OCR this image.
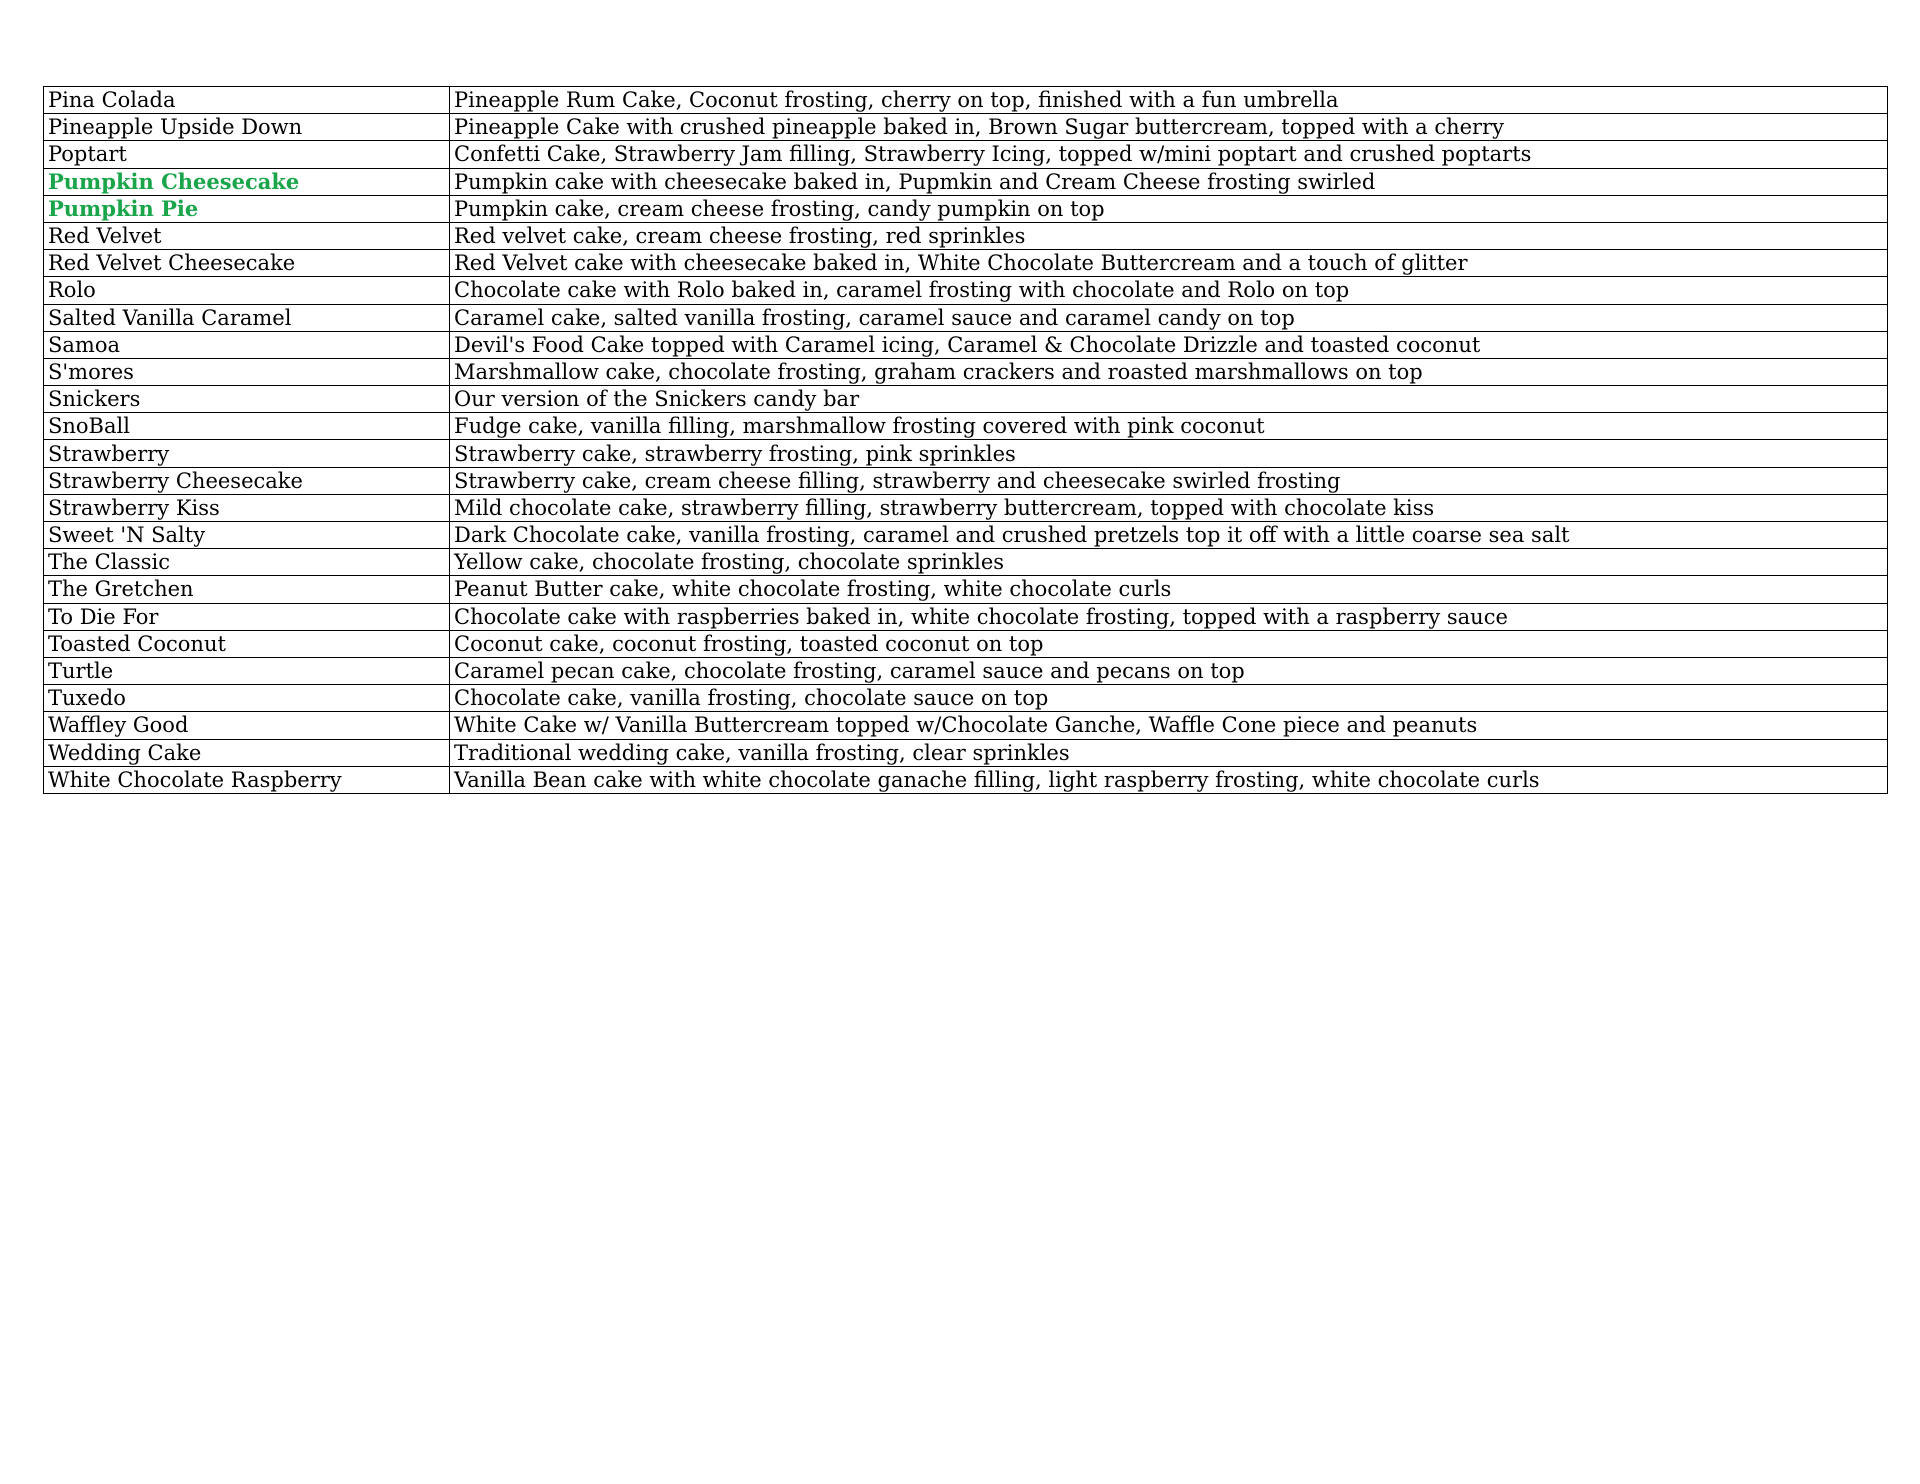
Pina Colada	Pineapple Rum Cake, Coconut frosting, cherry on top, finished with a fun umbrella
Pineapple Upside Down	Pineapple Cake with crushed pineapple baked in, Brown Sugar buttercream, topped with a cherry
Poptart	Confetti Cake, Strawberry Jam filling, Strawberry Icing, topped w/mini poptart and crushed poptarts
Pumpkin Cheesecake	Pumpkin cake with cheesecake baked in, Pupmkin and Cream Cheese frosting swirled
Pumpkin Pie	Pumpkin cake, cream cheese frosting, candy pumpkin on top
Red Velvet	Red velvet cake, cream cheese frosting, red sprinkles
Red Velvet Cheesecake	Red Velvet cake with cheesecake baked in, White Chocolate Buttercream and a touch of glitter
Rolo	Chocolate cake with Rolo baked in, caramel frosting with chocolate and Rolo on top
Salted Vanilla Caramel	Caramel cake, salted vanilla frosting, caramel sauce and caramel candy on top
Samoa	Devil's Food Cake topped with Caramel icing, Caramel & Chocolate Drizzle and toasted coconut
S'mores	Marshmallow cake, chocolate frosting, graham crackers and roasted marshmallows on top
Snickers	Our version of the Snickers candy bar
SnoBall	Fudge cake, vanilla filling, marshmallow frosting covered with pink coconut
Strawberry	Strawberry cake, strawberry frosting, pink sprinkles
Strawberry Cheesecake	Strawberry cake, cream cheese filling, strawberry and cheesecake swirled frosting
Strawberry Kiss	Mild chocolate cake, strawberry filling, strawberry buttercream, topped with chocolate kiss
Sweet 'N Salty	Dark Chocolate cake, vanilla frosting, caramel and crushed pretzels top it off with a little coarse sea salt
The Classic	Yellow cake, chocolate frosting, chocolate sprinkles
The Gretchen	Peanut Butter cake, white chocolate frosting, white chocolate curls
To Die For	Chocolate cake with raspberries baked in, white chocolate frosting, topped with a raspberry sauce
Toasted Coconut	Coconut cake, coconut frosting, toasted coconut on top
Turtle	Caramel pecan cake, chocolate frosting, caramel sauce and pecans on top
Tuxedo	Chocolate cake, vanilla frosting, chocolate sauce on top
Waffley Good	White Cake w/ Vanilla Buttercream topped w/Chocolate Ganche, Waffle Cone piece and peanuts
Wedding Cake	Traditional wedding cake, vanilla frosting, clear sprinkles
White Chocolate Raspberry	Vanilla Bean cake with white chocolate ganache filling, light raspberry frosting, white chocolate curls
